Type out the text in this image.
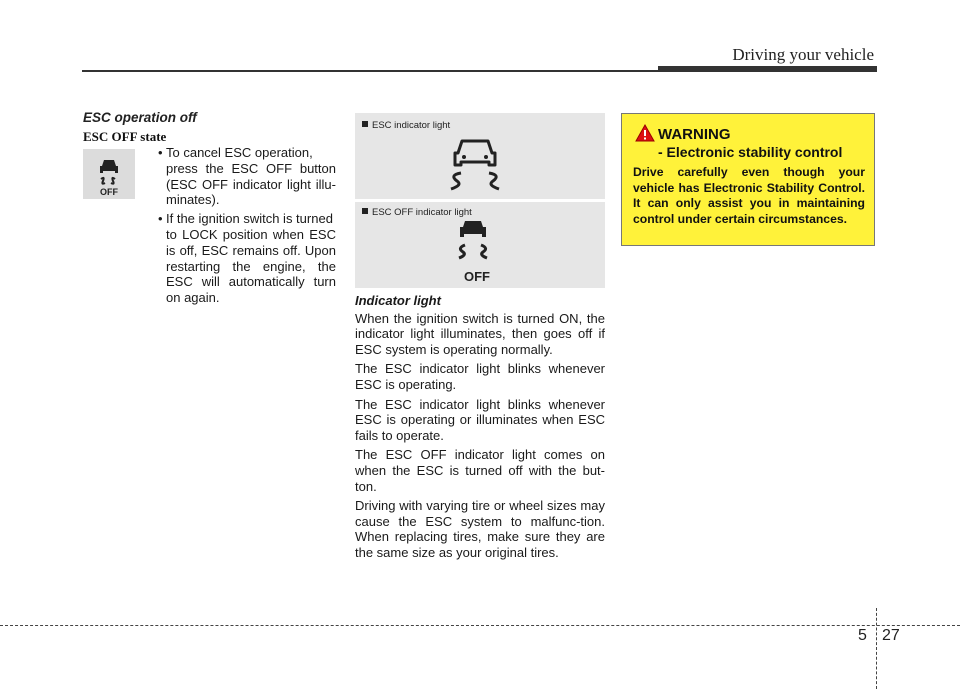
Driving your vehicle
ESC operation off
ESC OFF state
OFF
• To cancel ESC operation,
press the ESC OFF button (ESC OFF indicator light illu-minates).
• If the ignition switch is turned
to LOCK position when ESC is off, ESC remains off. Upon restarting the engine, the ESC will automatically turn on again.
ESC indicator light
ESC OFF indicator light
OFF
Indicator light

When the ignition switch is turned ON, the indicator light illuminates, then goes off if ESC system is operating normally.

The ESC indicator light blinks whenever ESC is operating.

The ESC indicator light blinks whenever ESC is operating or illuminates when ESC fails to operate.

The ESC OFF indicator light comes on when the ESC is turned off with the but-ton.

Driving with varying tire or wheel sizes may cause the ESC system to malfunc-tion. When replacing tires, make sure they are the same size as your original tires.

WARNING
- Electronic stability control
Drive carefully even though your vehicle has Electronic Stability Control. It can only assist you in maintaining control under certain circumstances.
5 27
